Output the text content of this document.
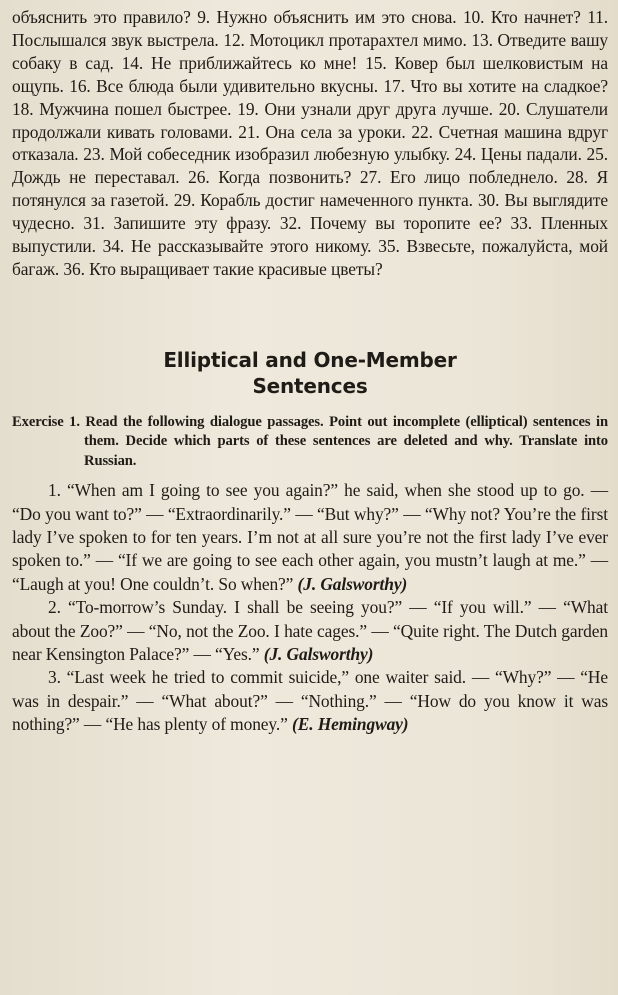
объяснить это правило? 9. Нужно объяснить им это снова. 10. Кто начнет? 11. Послышался звук выстрела. 12. Мотоцикл протарахтел мимо. 13. Отведите вашу собаку в сад. 14. Не приближайтесь ко мне! 15. Ковер был шелковистым на ощупь. 16. Все блюда были удивительно вкусны. 17. Что вы хотите на сладкое? 18. Мужчина пошел быстрее. 19. Они узнали друг друга лучше. 20. Слушатели продолжали кивать головами. 21. Она села за уроки. 22. Счетная машина вдруг отказала. 23. Мой собеседник изобразил любезную улыбку. 24. Цены падали. 25. Дождь не переставал. 26. Когда позвонить? 27. Его лицо побледнело. 28. Я потянулся за газетой. 29. Корабль достиг намеченного пункта. 30. Вы выглядите чудесно. 31. Запишите эту фразу. 32. Почему вы торопите ее? 33. Пленных выпустили. 34. Не рассказывайте этого никому. 35. Взвесьте, пожалуйста, мой багаж. 36. Кто выращивает такие красивые цветы?

Elliptical and One-Member
Sentences

Exercise 1. Read the following dialogue passages. Point out incomplete (elliptical) sentences in them. Decide which parts of these sentences are deleted and why. Translate into Russian.

1. “When am I going to see you again?” he said, when she stood up to go. — “Do you want to?” — “Extraordinarily.” — “But why?” — “Why not? You’re the first lady I’ve spoken to for ten years. I’m not at all sure you’re not the first lady I’ve ever spoken to.” — “If we are going to see each other again, you mustn’t laugh at me.” — “Laugh at you! One couldn’t. So when?” (J. Galsworthy)

2. “To-morrow’s Sunday. I shall be seeing you?” — “If you will.” — “What about the Zoo?” — “No, not the Zoo. I hate cages.” — “Quite right. The Dutch garden near Kensington Palace?” — “Yes.” (J. Galsworthy)

3. “Last week he tried to commit suicide,” one waiter said. — “Why?” — “He was in despair.” — “What about?” — “Nothing.” — “How do you know it was nothing?” — “He has plenty of money.” (E. Hemingway)
